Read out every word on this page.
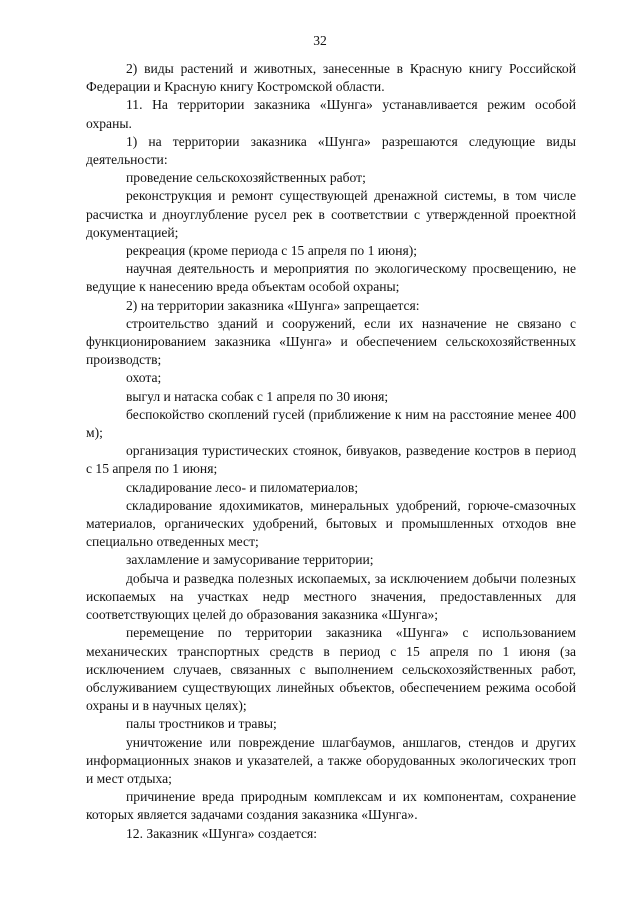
32

2) виды растений и животных, занесенные в Красную книгу Российской Федерации и Красную книгу Костромской области.

11. На территории заказника «Шунга» устанавливается режим особой охраны.

1) на территории заказника «Шунга» разрешаются следующие виды деятельности:

проведение сельскохозяйственных работ;

реконструкция и ремонт существующей дренажной системы, в том числе расчистка и дноуглубление русел рек в соответствии с утвержденной проектной документацией;

рекреация (кроме периода с 15 апреля по 1 июня);

научная деятельность и мероприятия по экологическому просвещению, не ведущие к нанесению вреда объектам особой охраны;

2) на территории заказника «Шунга» запрещается:

строительство зданий и сооружений, если их назначение не связано с функционированием заказника «Шунга» и обеспечением сельскохозяйственных производств;

охота;

выгул и натаска собак с 1 апреля по 30 июня;

беспокойство скоплений гусей (приближение к ним на расстояние менее 400 м);

организация туристических стоянок, бивуаков, разведение костров в период с 15 апреля по 1 июня;

складирование лесо- и пиломатериалов;

складирование ядохимикатов, минеральных удобрений, горюче-смазочных материалов, органических удобрений, бытовых и промышленных отходов вне специально отведенных мест;

захламление и замусоривание территории;

добыча и разведка полезных ископаемых, за исключением добычи полезных ископаемых на участках недр местного значения, предоставленных для соответствующих целей до образования заказника «Шунга»;

перемещение по территории заказника «Шунга» с использованием механических транспортных средств в период с 15 апреля по 1 июня (за исключением случаев, связанных с выполнением сельскохозяйственных работ, обслуживанием существующих линейных объектов, обеспечением режима особой охраны и в научных целях);

палы тростников и травы;

уничтожение или повреждение шлагбаумов, аншлагов, стендов и других информационных знаков и указателей, а также оборудованных экологических троп и мест отдыха;

причинение вреда природным комплексам и их компонентам, сохранение которых является задачами создания заказника «Шунга».

12. Заказник «Шунга» создается:
